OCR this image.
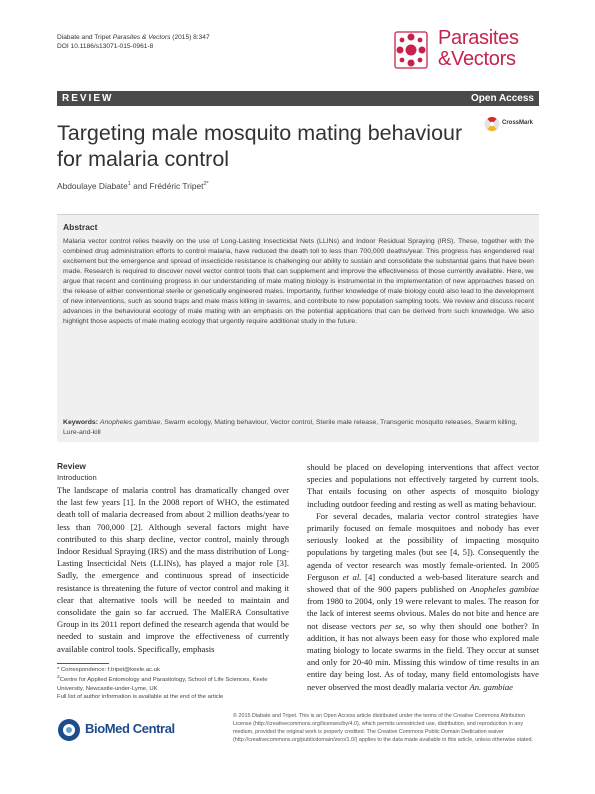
Diabate and Tripet Parasites & Vectors (2015) 8:347
DOI 10.1186/s13071-015-0961-8	Parasites
&Vectors
REVIEW	Open Access
Targeting male mosquito mating behaviour for malaria control
CrossMark
Abdoulaye Diabate$^1$ and Frédéric Tripet$^{2*}$
Abstract
Malaria vector control relies heavily on the use of Long-Lasting Insecticidal Nets (LLINs) and Indoor Residual Spraying (IRS). These, together with the combined drug administration efforts to control malaria, have reduced the death toll to less than 700,000 deaths/year. This progress has engendered real excitement but the emergence and spread of insecticide resistance is challenging our ability to sustain and consolidate the substantial gains that have been made. Research is required to discover novel vector control tools that can supplement and improve the effectiveness of those currently available. Here, we argue that recent and continuing progress in our understanding of male mating biology is instrumental in the implementation of new approaches based on the release of either conventional sterile or genetically engineered males. Importantly, further knowledge of male biology could also lead to the development of new interventions, such as sound traps and male mass killing in swarms, and contribute to new population sampling tools. We review and discuss recent advances in the behavioural ecology of male mating with an emphasis on the potential applications that can be derived from such knowledge. We also highlight those aspects of male mating ecology that urgently require additional study in the future.
Keywords: Anopheles gambiae, Swarm ecology, Mating behaviour, Vector control, Sterile male release, Transgenic mosquito releases, Swarm killing, Lure-and-kill
Review
Introduction

The landscape of malaria control has dramatically changed over the last few years [1]. In the 2008 report of WHO, the estimated death toll of malaria decreased from about 2 million deaths/year to less than 700,000 [2]. Although several factors might have contributed to this sharp decline, vector control, mainly through Indoor Residual Spraying (IRS) and the mass distribution of Long-Lasting Insecticidal Nets (LLINs), has played a major role [3]. Sadly, the emergence and continuous spread of insecticide resistance is threatening the future of vector control and making it clear that alternative tools will be needed to maintain and consolidate the gain so far accrued. The MalERA Consultative Group in its 2011 report defined the research agenda that would be needed to sustain and improve the effectiveness of currently available control tools. Specifically, emphasis

should be placed on developing interventions that affect vector species and populations not effectively targeted by current tools. That entails focusing on other aspects of mosquito biology including outdoor feeding and resting as well as mating behaviour.

For several decades, malaria vector control strategies have primarily focused on female mosquitoes and nobody has ever seriously looked at the possibility of impacting mosquito populations by targeting males (but see [4, 5]). Consequently the agenda of vector research was mostly female-oriented. In 2005 Ferguson et al. [4] conducted a web-based literature search and showed that of the 900 papers published on Anopheles gambiae from 1980 to 2004, only 19 were relevant to males. The reason for the lack of interest seems obvious. Males do not bite and hence are not disease vectors per se, so why then should one bother? In addition, it has not always been easy for those who explored male mating biology to locate swarms in the field. They occur at sunset and only for 20-40 min. Missing this window of time results in an entire day being lost. As of today, many field entomologists have never observed the most deadly malaria vector An. gambiae

* Correspondence: f.tripet@keele.ac.uk
$^2$Centre for Applied Entomology and Parasitology, School of Life Sciences, Keele University, Newcastle-under-Lyme, UK
Full list of author information is available at the end of the article
BioMed Central
© 2015 Diabate and Tripet. This is an Open Access article distributed under the terms of the Creative Commons Attribution License (http://creativecommons.org/licenses/by/4.0), which permits unrestricted use, distribution, and reproduction in any medium, provided the original work is properly credited. The Creative Commons Public Domain Dedication waiver (http://creativecommons.org/publicdomain/zero/1.0/) applies to the data made available in this article, unless otherwise stated.
